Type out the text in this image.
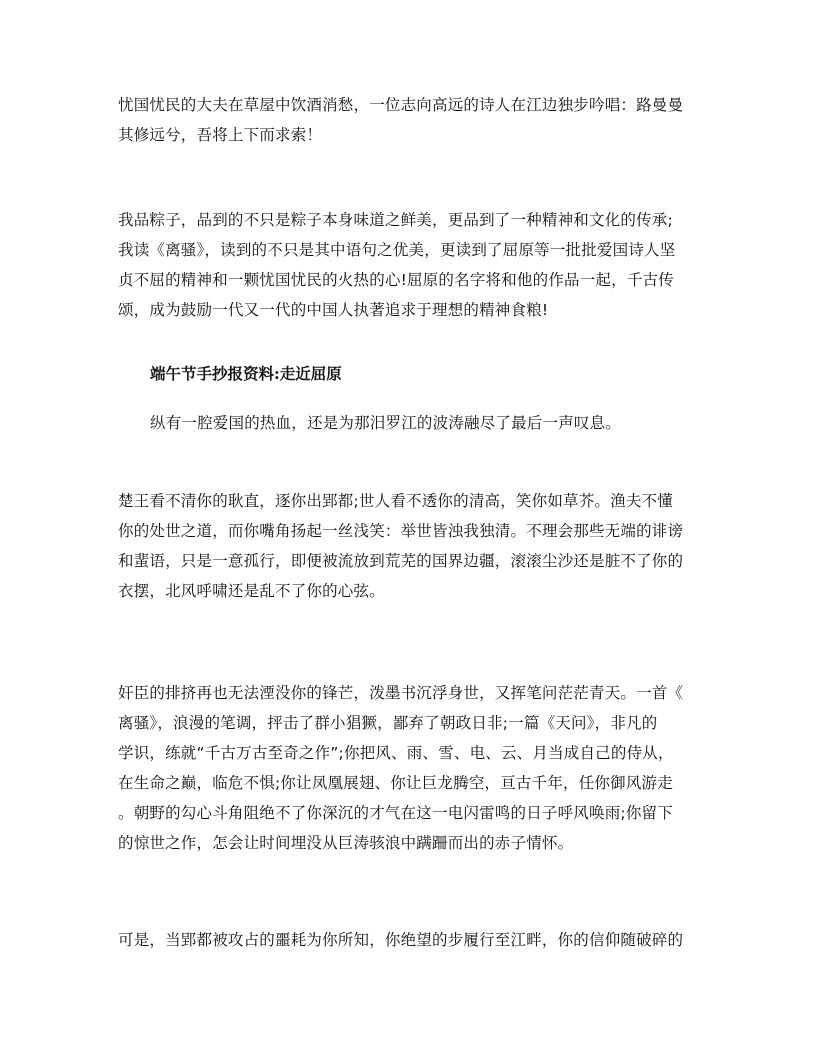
忧国忧民的大夫在草屋中饮酒消愁，一位志向高远的诗人在江边独步吟唱：路曼曼
其修远兮，吾将上下而求索！

我品粽子，品到的不只是粽子本身味道之鲜美，更品到了一种精神和文化的传承;
我读《离骚》，读到的不只是其中语句之优美，更读到了屈原等一批批爱国诗人坚
贞不屈的精神和一颗忧国忧民的火热的心!屈原的名字将和他的作品一起，千古传
颂，成为鼓励一代又一代的中国人执著追求于理想的精神食粮!

端午节手抄报资料:走近屈原

纵有一腔爱国的热血，还是为那汨罗江的波涛融尽了最后一声叹息。

楚王看不清你的耿直，逐你出郢都;世人看不透你的清高，笑你如草芥。渔夫不懂
你的处世之道，而你嘴角扬起一丝浅笑：举世皆浊我独清。不理会那些无端的诽谤
和蜚语，只是一意孤行，即便被流放到荒芜的国界边疆，滚滚尘沙还是脏不了你的
衣摆，北风呼啸还是乱不了你的心弦。

奸臣的排挤再也无法湮没你的锋芒，泼墨书沉浮身世，又挥笔问茫茫青天。一首《
离骚》，浪漫的笔调，抨击了群小猖獗，鄙弃了朝政日非;一篇《天问》，非凡的
学识，练就“千古万古至奇之作”;你把风、雨、雪、电、云、月当成自己的侍从，
在生命之巅，临危不惧;你让凤凰展翅、你让巨龙腾空，亘古千年，任你御风游走
。朝野的勾心斗角阻绝不了你深沉的才气在这一电闪雷鸣的日子呼风唤雨;你留下
的惊世之作，怎会让时间埋没从巨涛骇浪中蹒跚而出的赤子情怀。

可是，当郢都被攻占的噩耗为你所知，你绝望的步履行至江畔，你的信仰随破碎的
